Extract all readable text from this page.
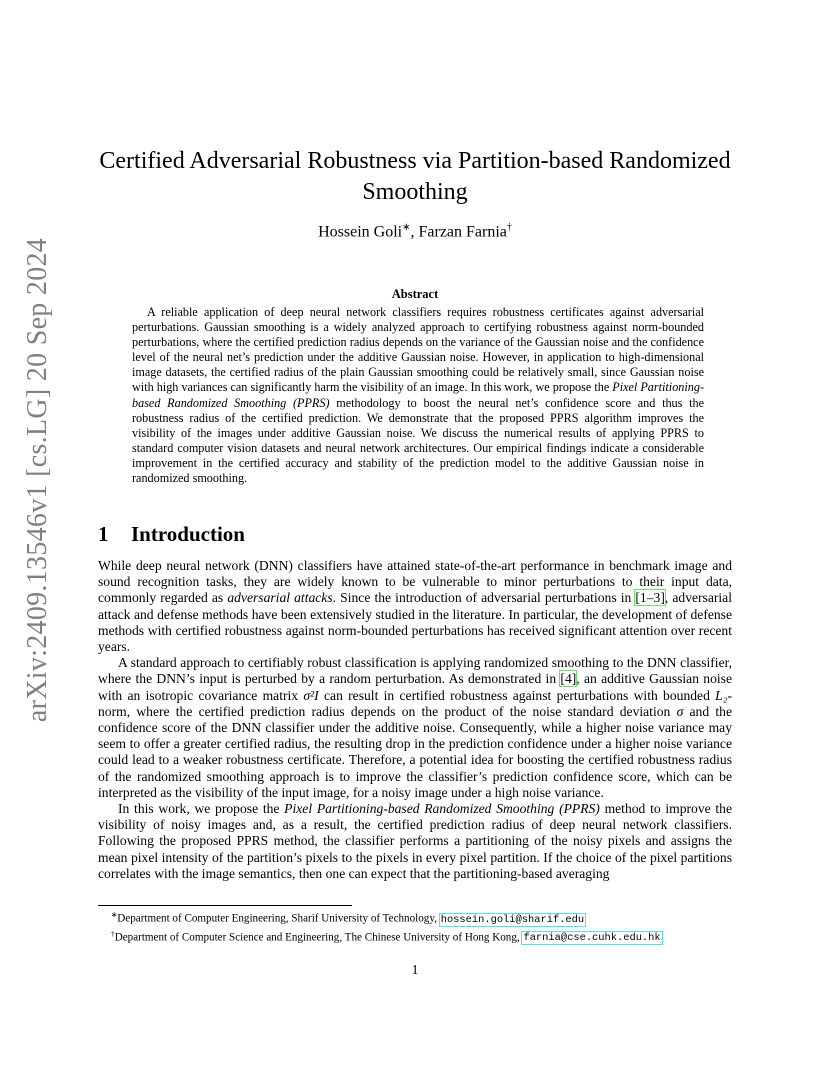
arXiv:2409.13546v1 [cs.LG] 20 Sep 2024
Certified Adversarial Robustness via Partition-based Randomized Smoothing
Hossein Goli∗, Farzan Farnia†
Abstract

A reliable application of deep neural network classifiers requires robustness certificates against adversarial perturbations. Gaussian smoothing is a widely analyzed approach to certifying robustness against norm-bounded perturbations, where the certified prediction radius depends on the variance of the Gaussian noise and the confidence level of the neural net’s prediction under the additive Gaussian noise. However, in application to high-dimensional image datasets, the certified radius of the plain Gaussian smoothing could be relatively small, since Gaussian noise with high variances can significantly harm the visibility of an image. In this work, we propose the Pixel Partitioning-based Randomized Smoothing (PPRS) methodology to boost the neural net’s confidence score and thus the robustness radius of the certified prediction. We demonstrate that the proposed PPRS algorithm improves the visibility of the images under additive Gaussian noise. We discuss the numerical results of applying PPRS to standard computer vision datasets and neural network architectures. Our empirical findings indicate a considerable improvement in the certified accuracy and stability of the prediction model to the additive Gaussian noise in randomized smoothing.

1 Introduction

While deep neural network (DNN) classifiers have attained state-of-the-art performance in benchmark image and sound recognition tasks, they are widely known to be vulnerable to minor perturbations to their input data, commonly regarded as adversarial attacks. Since the introduction of adversarial perturbations in [1–3], adversarial attack and defense methods have been extensively studied in the literature. In particular, the development of defense methods with certified robustness against norm-bounded perturbations has received significant attention over recent years.

A standard approach to certifiably robust classification is applying randomized smoothing to the DNN classifier, where the DNN’s input is perturbed by a random perturbation. As demonstrated in [4], an additive Gaussian noise with an isotropic covariance matrix σ²I can result in certified robustness against perturbations with bounded L₂-norm, where the certified prediction radius depends on the product of the noise standard deviation σ and the confidence score of the DNN classifier under the additive noise. Consequently, while a higher noise variance may seem to offer a greater certified radius, the resulting drop in the prediction confidence under a higher noise variance could lead to a weaker robustness certificate. Therefore, a potential idea for boosting the certified robustness radius of the randomized smoothing approach is to improve the classifier’s prediction confidence score, which can be interpreted as the visibility of the input image, for a noisy image under a high noise variance.

In this work, we propose the Pixel Partitioning-based Randomized Smoothing (PPRS) method to improve the visibility of noisy images and, as a result, the certified prediction radius of deep neural network classifiers. Following the proposed PPRS method, the classifier performs a partitioning of the noisy pixels and assigns the mean pixel intensity of the partition’s pixels to the pixels in every pixel partition. If the choice of the pixel partitions correlates with the image semantics, then one can expect that the partitioning-based averaging

∗Department of Computer Engineering, Sharif University of Technology, hossein.goli@sharif.edu
†Department of Computer Science and Engineering, The Chinese University of Hong Kong, farnia@cse.cuhk.edu.hk
1
